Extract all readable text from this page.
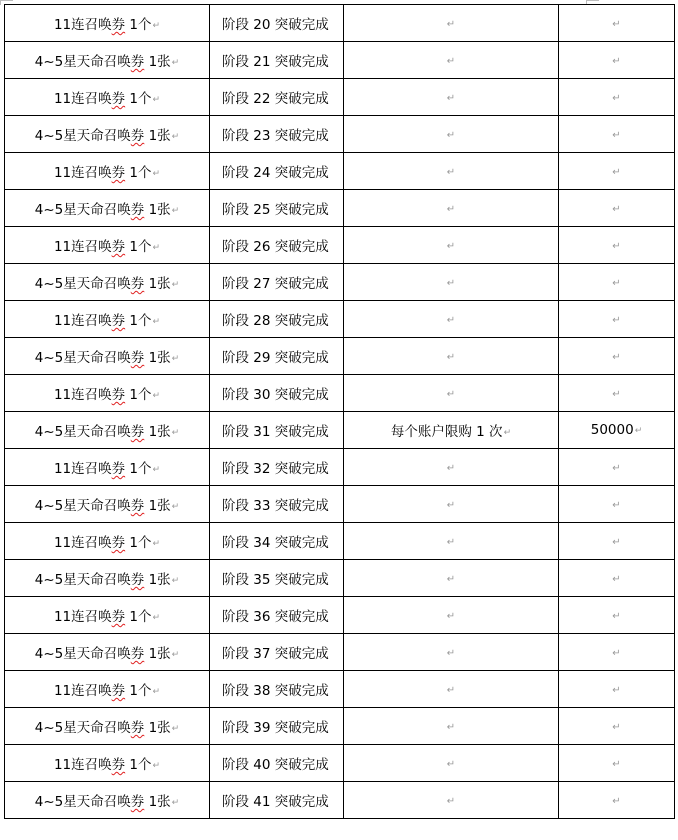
11连召唤券 1个↵	阶段 20 突破完成	↵	↵
4~5星天命召唤券 1张↵	阶段 21 突破完成	↵	↵
11连召唤券 1个↵	阶段 22 突破完成	↵	↵
4~5星天命召唤券 1张↵	阶段 23 突破完成	↵	↵
11连召唤券 1个↵	阶段 24 突破完成	↵	↵
4~5星天命召唤券 1张↵	阶段 25 突破完成	↵	↵
11连召唤券 1个↵	阶段 26 突破完成	↵	↵
4~5星天命召唤券 1张↵	阶段 27 突破完成	↵	↵
11连召唤券 1个↵	阶段 28 突破完成	↵	↵
4~5星天命召唤券 1张↵	阶段 29 突破完成	↵	↵
11连召唤券 1个↵	阶段 30 突破完成	↵	↵
4~5星天命召唤券 1张↵	阶段 31 突破完成	每个账户限购 1 次↵	50000↵
11连召唤券 1个↵	阶段 32 突破完成	↵	↵
4~5星天命召唤券 1张↵	阶段 33 突破完成	↵	↵
11连召唤券 1个↵	阶段 34 突破完成	↵	↵
4~5星天命召唤券 1张↵	阶段 35 突破完成	↵	↵
11连召唤券 1个↵	阶段 36 突破完成	↵	↵
4~5星天命召唤券 1张↵	阶段 37 突破完成	↵	↵
11连召唤券 1个↵	阶段 38 突破完成	↵	↵
4~5星天命召唤券 1张↵	阶段 39 突破完成	↵	↵
11连召唤券 1个↵	阶段 40 突破完成	↵	↵
4~5星天命召唤券 1张↵	阶段 41 突破完成	↵	↵
